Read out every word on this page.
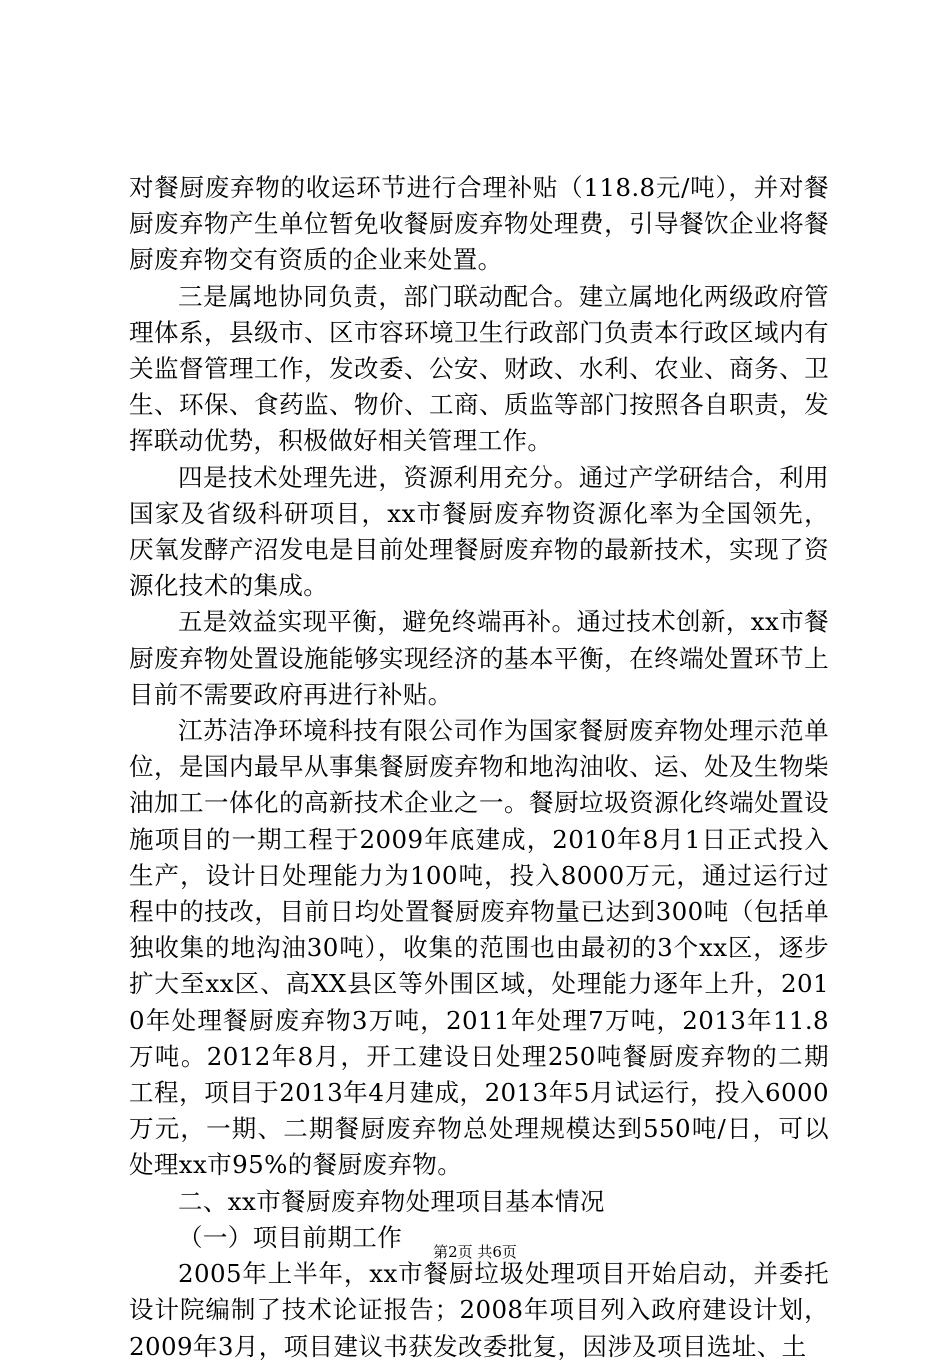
对餐厨废弃物的收运环节进行合理补贴（118.8元/吨），并对餐厨废弃物产生单位暂免收餐厨废弃物处理费，引导餐饮企业将餐厨废弃物交有资质的企业来处置。

三是属地协同负责，部门联动配合。建立属地化两级政府管理体系，县级市、区市容环境卫生行政部门负责本行政区域内有关监督管理工作，发改委、公安、财政、水利、农业、商务、卫生、环保、食药监、物价、工商、质监等部门按照各自职责，发挥联动优势，积极做好相关管理工作。

四是技术处理先进，资源利用充分。通过产学研结合，利用国家及省级科研项目，xx市餐厨废弃物资源化率为全国领先，厌氧发酵产沼发电是目前处理餐厨废弃物的最新技术，实现了资源化技术的集成。

五是效益实现平衡，避免终端再补。通过技术创新，xx市餐厨废弃物处置设施能够实现经济的基本平衡，在终端处置环节上目前不需要政府再进行补贴。

江苏洁净环境科技有限公司作为国家餐厨废弃物处理示范单位，是国内最早从事集餐厨废弃物和地沟油收、运、处及生物柴油加工一体化的高新技术企业之一。餐厨垃圾资源化终端处置设施项目的一期工程于2009年底建成，2010年8月1日正式投入生产，设计日处理能力为100吨，投入8000万元，通过运行过程中的技改，目前日均处置餐厨废弃物量已达到300吨（包括单独收集的地沟油30吨），收集的范围也由最初的3个xx区，逐步扩大至xx区、高XX县区等外围区域，处理能力逐年上升，2010年处理餐厨废弃物3万吨，2011年处理7万吨，2013年11.8万吨。2012年8月，开工建设日处理250吨餐厨废弃物的二期工程，项目于2013年4月建成，2013年5月试运行，投入6000万元，一期、二期餐厨废弃物总处理规模达到550吨/日，可以处理xx市95%的餐厨废弃物。

二、xx市餐厨废弃物处理项目基本情况

（一）项目前期工作

2005年上半年，xx市餐厨垃圾处理项目开始启动，并委托设计院编制了技术论证报告；2008年项目列入政府建设计划，2009年3月，项目建议书获发改委批复，因涉及项目选址、土

第2页 共6页
